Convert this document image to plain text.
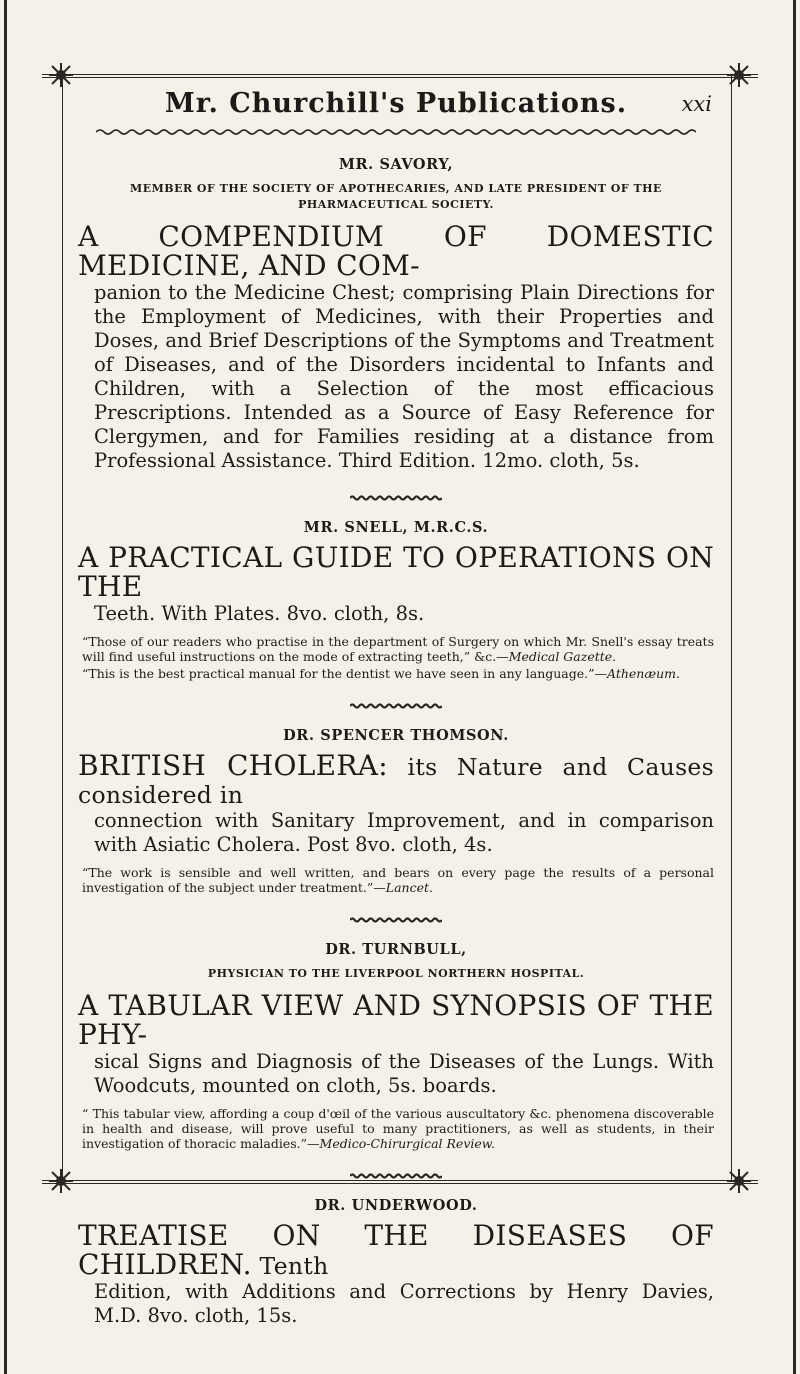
Mr. Churchill's Publications.	xxi
MR. SAVORY,
MEMBER OF THE SOCIETY OF APOTHECARIES, AND LATE PRESIDENT OF THE PHARMACEUTICAL SOCIETY.
A COMPENDIUM OF DOMESTIC MEDICINE, AND COM-
panion to the Medicine Chest; comprising Plain Directions for the Employment of Medicines, with their Properties and Doses, and Brief Descriptions of the Symptoms and Treatment of Diseases, and of the Disorders incidental to Infants and Children, with a Selection of the most efficacious Prescriptions. Intended as a Source of Easy Reference for Clergymen, and for Families residing at a distance from Professional Assistance. Third Edition. 12mo. cloth, 5s.
MR. SNELL, M.R.C.S.
A PRACTICAL GUIDE TO OPERATIONS ON THE
Teeth. With Plates. 8vo. cloth, 8s.
“Those of our readers who practise in the department of Surgery on which Mr. Snell's essay treats will find useful instructions on the mode of extracting teeth,” &c.—Medical Gazette.
“This is the best practical manual for the dentist we have seen in any language.”—Athenæum.
DR. SPENCER THOMSON.
BRITISH CHOLERA: its Nature and Causes considered in
connection with Sanitary Improvement, and in comparison with Asiatic Cholera. Post 8vo. cloth, 4s.
“The work is sensible and well written, and bears on every page the results of a personal investigation of the subject under treatment.”—Lancet.
DR. TURNBULL,
PHYSICIAN TO THE LIVERPOOL NORTHERN HOSPITAL.
A TABULAR VIEW AND SYNOPSIS OF THE PHY-
sical Signs and Diagnosis of the Diseases of the Lungs. With Woodcuts, mounted on cloth, 5s. boards.
“ This tabular view, affording a coup d'œil of the various auscultatory &c. phenomena discoverable in health and disease, will prove useful to many practitioners, as well as students, in their investigation of thoracic maladies.”—Medico-Chirurgical Review.
DR. UNDERWOOD.
TREATISE ON THE DISEASES OF CHILDREN. Tenth
Edition, with Additions and Corrections by Henry Davies, M.D. 8vo. cloth, 15s.
